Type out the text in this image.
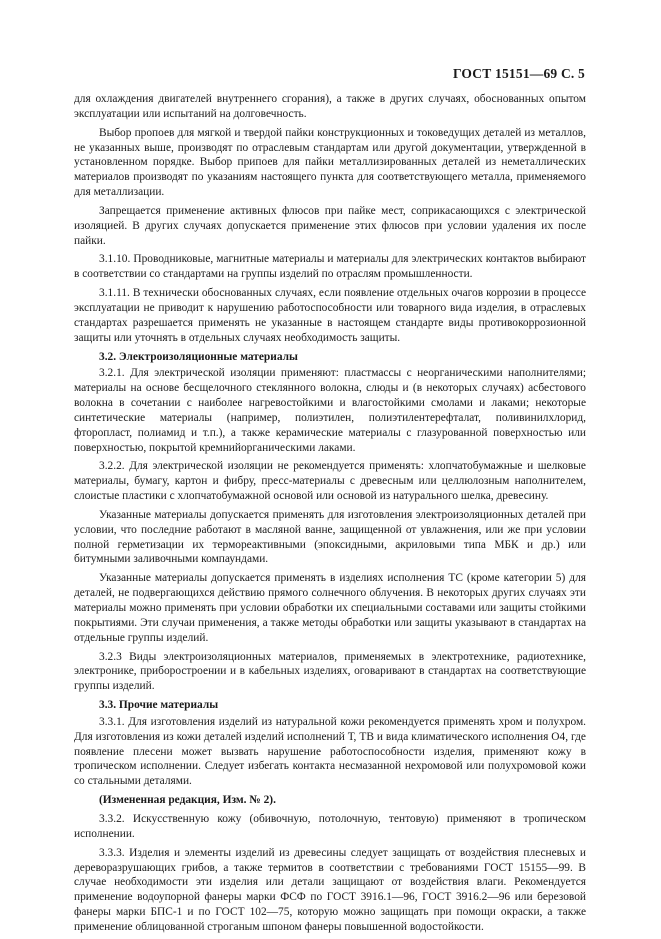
ГОСТ 15151—69 С. 5

для охлаждения двигателей внутреннего сгорания), а также в других случаях, обоснованных опытом эксплуатации или испытаний на долговечность.

Выбор пропоев для мягкой и твердой пайки конструкционных и токоведущих деталей из металлов, не указанных выше, производят по отраслевым стандартам или другой документации, утвержденной в установленном порядке. Выбор припоев для пайки металлизированных деталей из неметаллических материалов производят по указаниям настоящего пункта для соответствующего металла, применяемого для металлизации.

Запрещается применение активных флюсов при пайке мест, соприкасающихся с электрической изоляцией. В других случаях допускается применение этих флюсов при условии удаления их после пайки.

3.1.10. Проводниковые, магнитные материалы и материалы для электрических контактов выбирают в соответствии со стандартами на группы изделий по отраслям промышленности.

3.1.11. В технически обоснованных случаях, если появление отдельных очагов коррозии в процессе эксплуатации не приводит к нарушению работоспособности или товарного вида изделия, в отраслевых стандартах разрешается применять не указанные в настоящем стандарте виды противокоррозионной защиты или уточнять в отдельных случаях необходимость защиты.

3.2. Электроизоляционные материалы

3.2.1. Для электрической изоляции применяют: пластмассы с неорганическими наполнителями; материалы на основе бесщелочного стеклянного волокна, слюды и (в некоторых случаях) асбестового волокна в сочетании с наиболее нагревостойкими и влагостойкими смолами и лаками; некоторые синтетические материалы (например, полиэтилен, полиэтилентерефталат, поливинилхлорид, фторопласт, полиамид и т.п.), а также керамические материалы с глазурованной поверхностью или поверхностью, покрытой кремнийорганическими лаками.

3.2.2. Для электрической изоляции не рекомендуется применять: хлопчатобумажные и шелковые материалы, бумагу, картон и фибру, пресс-материалы с древесным или целлюлозным наполнителем, слоистые пластики с хлопчатобумажной основой или основой из натурального шелка, древесину.

Указанные материалы допускается применять для изготовления электроизоляционных деталей при условии, что последние работают в масляной ванне, защищенной от увлажнения, или же при условии полной герметизации их термореактивными (эпоксидными, акриловыми типа МБК и др.) или битумными заливочными компаундами.

Указанные материалы допускается применять в изделиях исполнения ТС (кроме категории 5) для деталей, не подвергающихся действию прямого солнечного облучения. В некоторых других случаях эти материалы можно применять при условии обработки их специальными составами или защиты стойкими покрытиями. Эти случаи применения, а также методы обработки или защиты указывают в стандартах на отдельные группы изделий.

3.2.3 Виды электроизоляционных материалов, применяемых в электротехнике, радиотехнике, электронике, приборостроении и в кабельных изделиях, оговаривают в стандартах на соответствующие группы изделий.

3.3. Прочие материалы

3.3.1. Для изготовления изделий из натуральной кожи рекомендуется применять хром и полухром. Для изготовления из кожи деталей изделий исполнений Т, ТВ и вида климатического исполнения О4, где появление плесени может вызвать нарушение работоспособности изделия, применяют кожу в тропическом исполнении. Следует избегать контакта несмазанной нехромовой или полухромовой кожи со стальными деталями.

(Измененная редакция, Изм. № 2).

3.3.2. Искусственную кожу (обивочную, потолочную, тентовую) применяют в тропическом исполнении.

3.3.3. Изделия и элементы изделий из древесины следует защищать от воздействия плесневых и дереворазрушающих грибов, а также термитов в соответствии с требованиями ГОСТ 15155—99. В случае необходимости эти изделия или детали защищают от воздействия влаги. Рекомендуется применение водоупорной фанеры марки ФСФ по ГОСТ 3916.1—96, ГОСТ 3916.2—96 или березовой фанеры марки БПС-1 и по ГОСТ 102—75, которую можно защищать при помощи окраски, а также применение облицованной строганым шпоном фанеры повышенной водостойкости.
